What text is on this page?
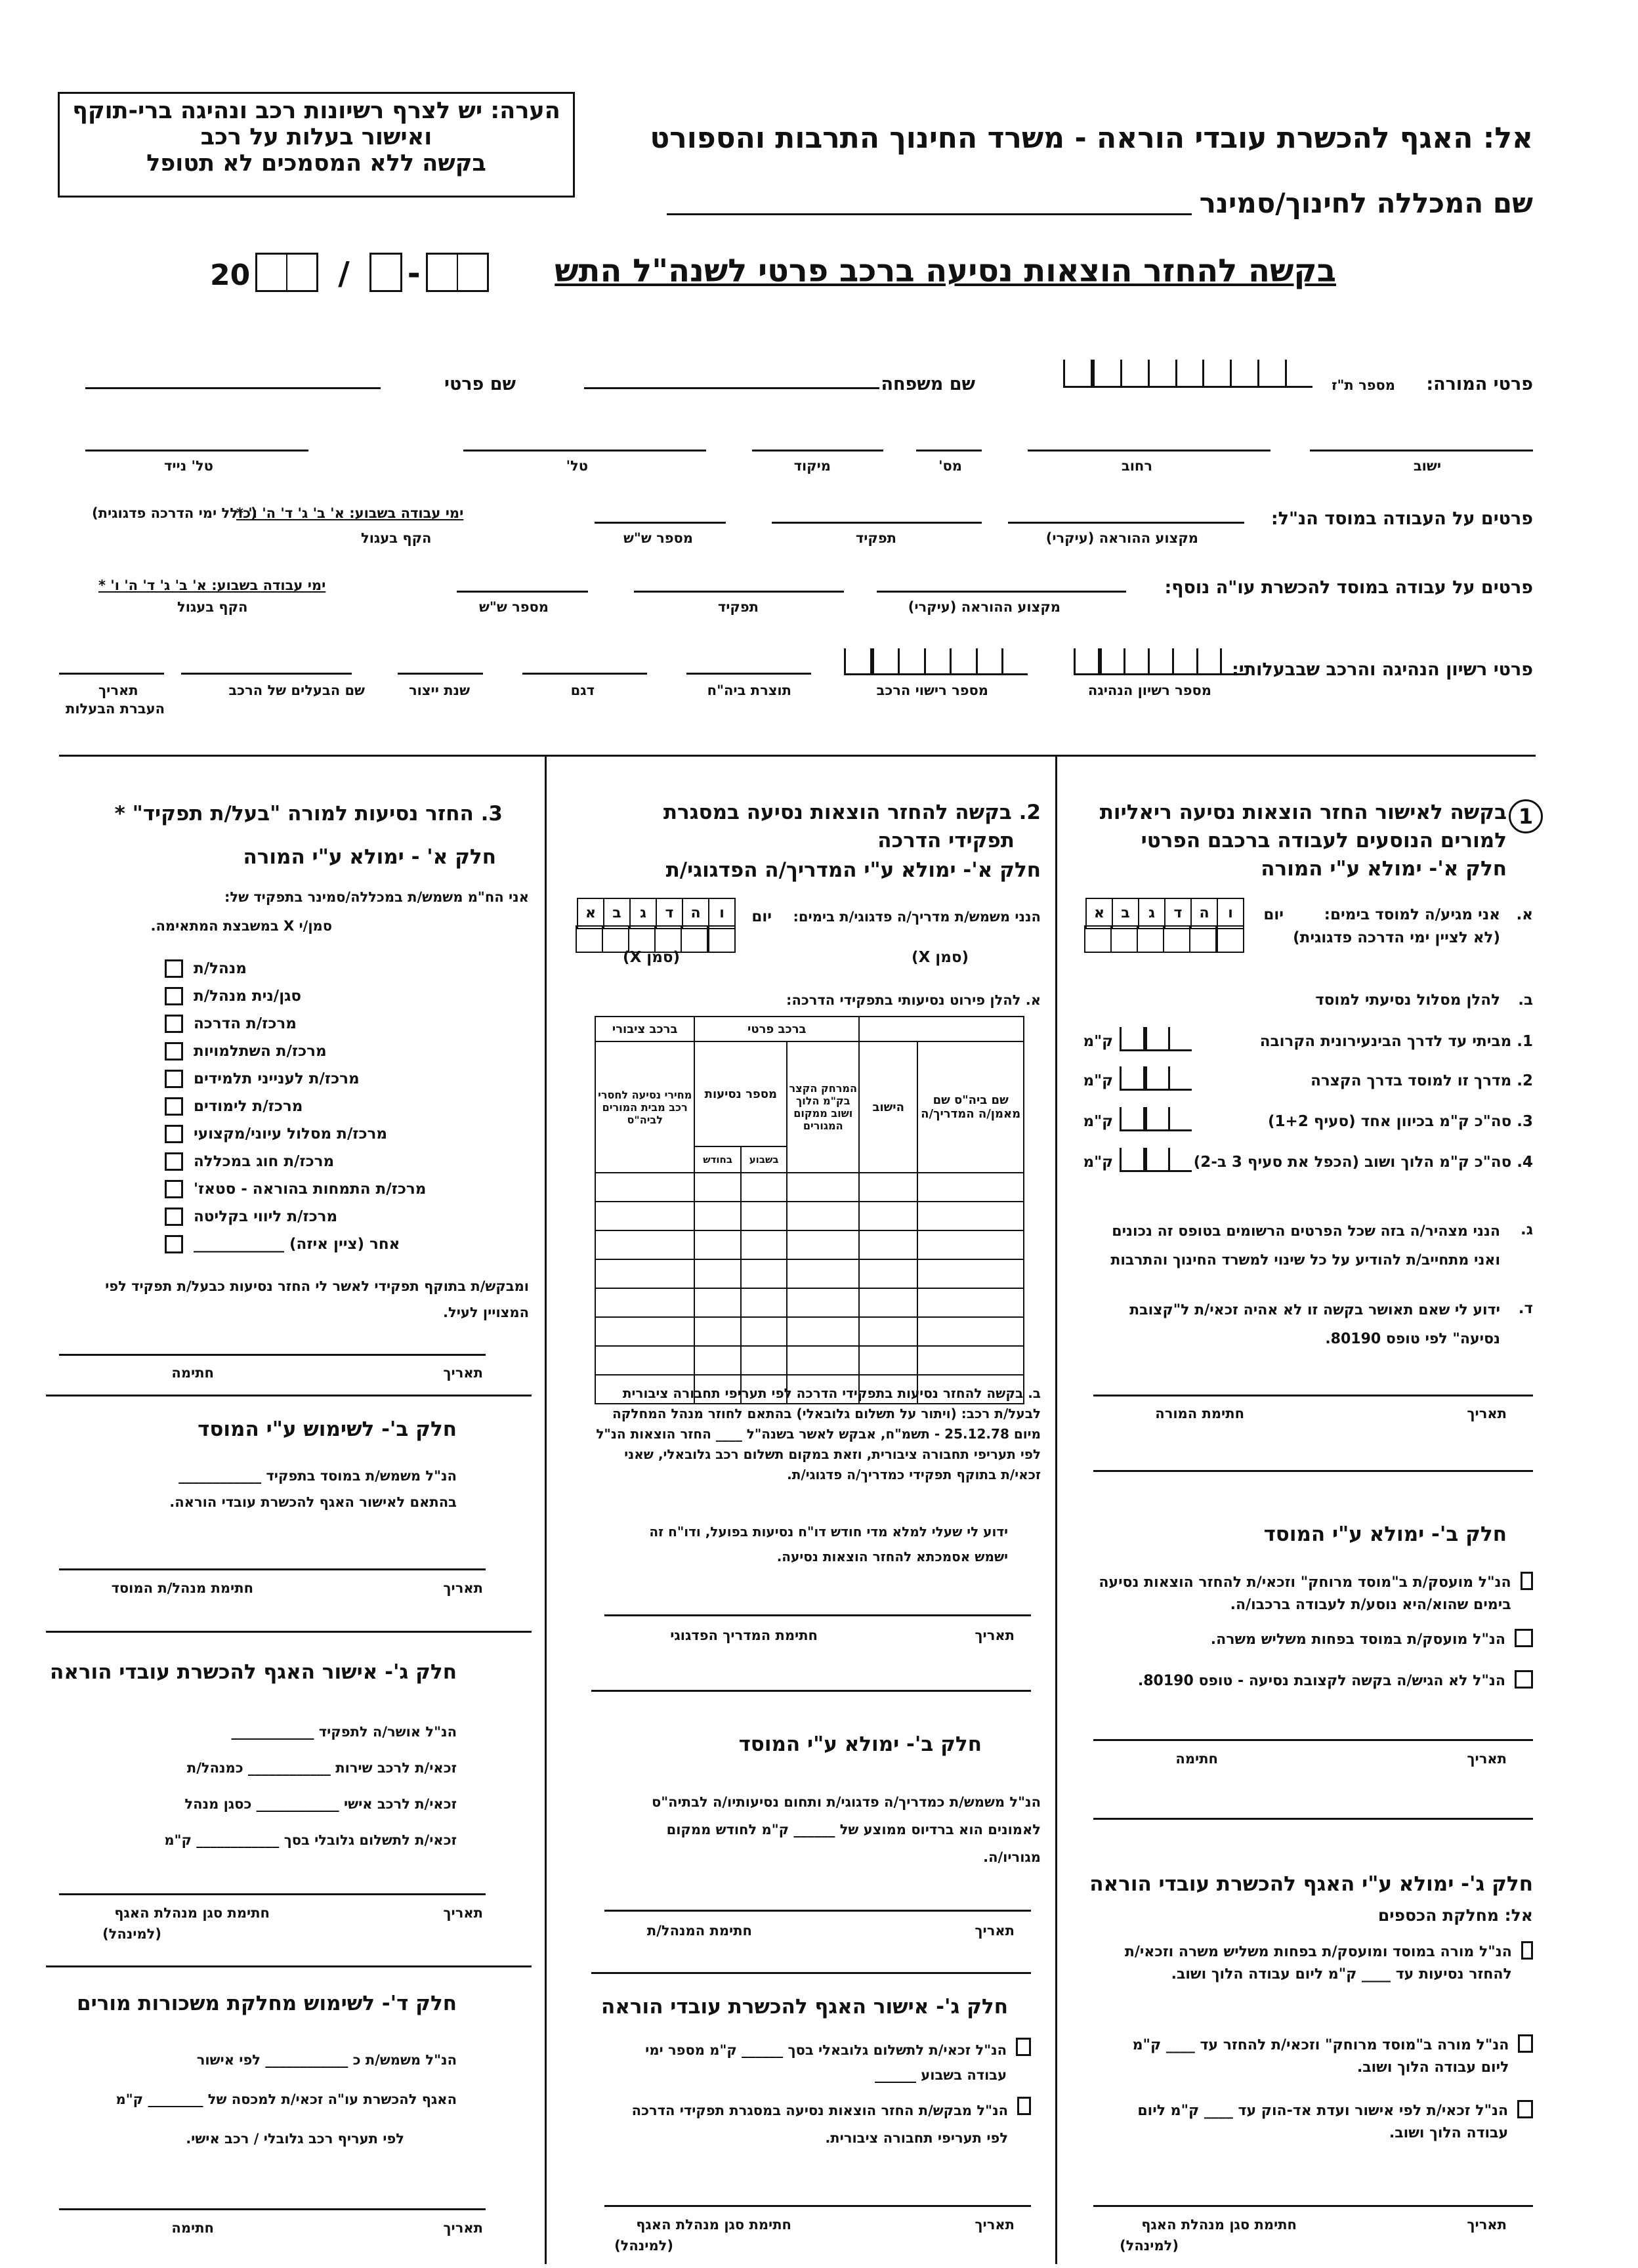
הערה: יש לצרף רשיונות רכב ונהיגה ברי-תוקף
ואישור בעלות על רכב
בקשה ללא המסמכים לא תטופל
אל: האגף להכשרת עובדי הוראה - משרד החינוך התרבות והספורט
שם המכללה לחינוך/סמינר
בקשה להחזר הוצאות נסיעה ברכב פרטי לשנה"ל התש
20	/ -
פרטי המורה:
מספר ת"ז
שם משפחה
שם פרטי
ישוב
רחוב
מס'
מיקוד
טל'
טל' נייד
פרטים על העבודה במוסד הנ"ל:
מקצוע ההוראה (עיקרי)
תפקיד
מספר ש"ש
ימי עבודה בשבוע: א' ב' ג' ד' ה' ו' *
(כולל ימי הדרכה פדגוגית)
הקף בעגול
פרטים על עבודה במוסד להכשרת עו"ה נוסף:
מקצוע ההוראה (עיקרי)
תפקיד
מספר ש"ש
ימי עבודה בשבוע: א' ב' ג' ד' ה' ו' *
הקף בעגול
פרטי רשיון הנהיגה והרכב שבבעלותי:
מספר רשיון הנהיגה
מספר רישוי הרכב
תוצרת ביה"ח
דגם
שנת ייצור
שם הבעלים של הרכב
תאריך
העברת הבעלות
1
בקשה לאישור החזר הוצאות נסיעה ריאליות
למורים הנוסעים לעבודה ברכבם הפרטי
חלק א'- ימולא ע"י המורה
א.
אני מגיע/ה למוסד בימים:
(לא לציין ימי הדרכה פדגוגית)
יום
א	ב	ג	ד	ה	ו
(סמן X)
ב.
להלן מסלול נסיעתי למוסד
1. מביתי עד לדרך הבינעירונית הקרובה
ק"מ
2. מדרך זו למוסד בדרך הקצרה
ק"מ
3. סה"כ ק"מ בכיוון אחד (סעיף 1+2)
ק"מ
4. סה"כ ק"מ הלוך ושוב (הכפל את סעיף 3 ב-2)
ק"מ
ג.
הנני מצהיר/ה בזה שכל הפרטים הרשומים בטופס זה נכונים ואני מתחייב/ת להודיע על כל שינוי למשרד החינוך והתרבות
ד.
ידוע לי שאם תאושר בקשה זו לא אהיה זכאי/ת ל"קצובת נסיעה" לפי טופס 80190.
תאריך
חתימת המורה
חלק ב'- ימולא ע"י המוסד
הנ"ל מועסק/ת ב"מוסד מרוחק" וזכאי/ת להחזר הוצאות נסיעה בימים שהוא/היא נוסע/ת לעבודה ברכבו/ה.
הנ"ל מועסק/ת במוסד בפחות משליש משרה.
הנ"ל לא הגיש/ה בקשה לקצובת נסיעה - טופס 80190.
תאריך
חתימה
חלק ג'- ימולא ע"י האגף להכשרת עובדי הוראה
אל: מחלקת הכספים
הנ"ל מורה במוסד ומועסק/ת בפחות משליש משרה וזכאי/ת להחזר נסיעות עד ____ ק"מ ליום עבודה הלוך ושוב.
הנ"ל מורה ב"מוסד מרוחק" וזכאי/ת להחזר עד ____ ק"מ ליום עבודה הלוך ושוב.
הנ"ל זכאי/ת לפי אישור ועדת אד-הוק עד ____ ק"מ ליום עבודה הלוך ושוב.
תאריך
חתימת סגן מנהלת האגף
(למינהל)
2. בקשה להחזר הוצאות נסיעה במסגרת
תפקידי הדרכה
חלק א'- ימולא ע"י המדריך/ה הפדגוגי/ת
הנני משמש/ת מדריך/ה פדגוגי/ת בימים:
יום
א	ב	ג	ד	ה	ו
(סמן X)
א. להלן פירוט נסיעותי בתפקידי הדרכה:
		ברכב פרטי			ברכב ציבורי
שם ביה"ס שם מאמן/ה המדריך/ה	הישוב	המרחק הקצר בק"מ הלוך ושוב ממקום המגורים	מספר נסיעות		מחירי נסיעה לחסרי רכב מבית המורים לביה"ס
			בשבוע	בחודש	

ב. בקשה להחזר נסיעות בתפקידי הדרכה לפי תעריפי תחבורה ציבורית לבעל/ת רכב: (ויתור על תשלום גלובאלי) בהתאם לחוזר מנהל המחלקה מיום 25.12.78 - תשמ"ח, אבקש לאשר בשנה"ל ____ החזר הוצאות הנ"ל לפי תעריפי תחבורה ציבורית, וזאת במקום תשלום רכב גלובאלי, שאני זכאי/ת בתוקף תפקידי כמדריך/ה פדגוגי/ת.
ידוע לי שעלי למלא מדי חודש דו"ח נסיעות בפועל, ודו"ח זה ישמש אסמכתא להחזר הוצאות נסיעה.
תאריך
חתימת המדריך הפדגוגי
חלק ב'- ימולא ע"י המוסד
הנ"ל משמש/ת כמדריך/ה פדגוגי/ת ותחום נסיעותיו/ה לבתיה"ס לאמונים הוא ברדיוס ממוצע של ______ ק"מ לחודש ממקום מגוריו/ה.
תאריך
חתימת המנהל/ת
חלק ג'- אישור האגף להכשרת עובדי הוראה
הנ"ל זכאי/ת לתשלום גלובאלי בסך ______ ק"מ מספר ימי עבודה בשבוע ______
הנ"ל מבקש/ת החזר הוצאות נסיעה במסגרת תפקידי הדרכה לפי תעריפי תחבורה ציבורית.
תאריך
חתימת סגן מנהלת האגף
(למינהל)
3. החזר נסיעות למורה "בעל/ת תפקיד" *
חלק א' - ימולא ע"י המורה
אני הח"מ משמש/ת במכללה/סמינר בתפקיד של:
סמן/י X במשבצת המתאימה.
מנהל/ת
סגן/נית מנהל/ת
מרכז/ת הדרכה
מרכז/ת השתלמויות
מרכז/ת לענייני תלמידים
מרכז/ת לימודים
מרכז/ת מסלול עיוני/מקצועי
מרכז/ת חוג במכללה
מרכז/ת התמחות בהוראה - סטאז'
מרכז/ת ליווי בקליטה
אחר (ציין איזה) ____________
ומבקש/ת בתוקף תפקידי לאשר לי החזר נסיעות כבעל/ת תפקיד לפי המצויין לעיל.
תאריך
חתימה
חלק ב'- לשימוש ע"י המוסד
הנ"ל משמש/ת במוסד בתפקיד ____________
בהתאם לאישור האגף להכשרת עובדי הוראה.
תאריך
חתימת מנהל/ת המוסד
חלק ג'- אישור האגף להכשרת עובדי הוראה
הנ"ל אושר/ה לתפקיד ____________
זכאי/ת לרכב שירות ____________ כמנהל/ת
זכאי/ת לרכב אישי ____________ כסגן מנהל
זכאי/ת לתשלום גלובלי בסך ____________ ק"מ
תאריך
חתימת סגן מנהלת האגף
(למינהל)
חלק ד'- לשימוש מחלקת משכורות מורים
הנ"ל משמש/ת כ ____________ לפי אישור
האגף להכשרת עו"ה זכאי/ת למכסה של ________ ק"מ
לפי תעריף רכב גלובלי / רכב אישי.
תאריך
חתימה
